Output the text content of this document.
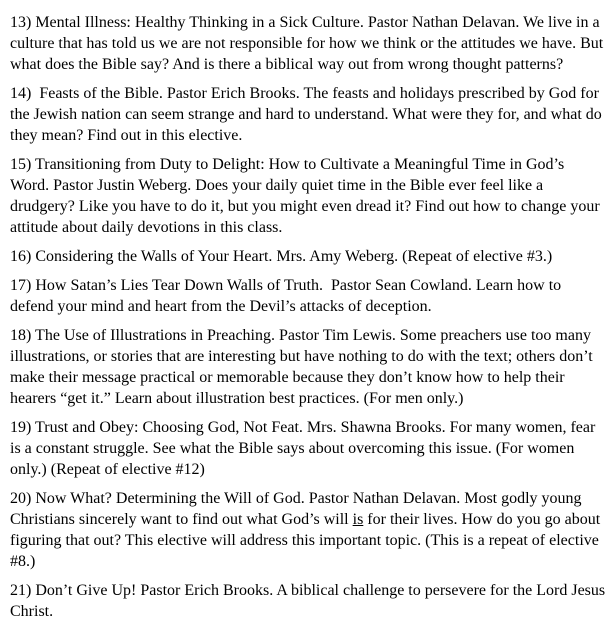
13) Mental Illness: Healthy Thinking in a Sick Culture. Pastor Nathan Delavan. We live in a culture that has told us we are not responsible for how we think or the attitudes we have. But what does the Bible say? And is there a biblical way out from wrong thought patterns?

14)  Feasts of the Bible. Pastor Erich Brooks. The feasts and holidays prescribed by God for the Jewish nation can seem strange and hard to understand. What were they for, and what do they mean? Find out in this elective.

15) Transitioning from Duty to Delight: How to Cultivate a Meaningful Time in God’s Word. Pastor Justin Weberg. Does your daily quiet time in the Bible ever feel like a drudgery? Like you have to do it, but you might even dread it? Find out how to change your attitude about daily devotions in this class.

16) Considering the Walls of Your Heart. Mrs. Amy Weberg. (Repeat of elective #3.)

17) How Satan’s Lies Tear Down Walls of Truth.  Pastor Sean Cowland. Learn how to defend your mind and heart from the Devil’s attacks of deception.

18) The Use of Illustrations in Preaching. Pastor Tim Lewis. Some preachers use too many illustrations, or stories that are interesting but have nothing to do with the text; others don’t make their message practical or memorable because they don’t know how to help their hearers “get it.” Learn about illustration best practices. (For men only.)

19) Trust and Obey: Choosing God, Not Feat. Mrs. Shawna Brooks. For many women, fear is a constant struggle. See what the Bible says about overcoming this issue. (For women only.) (Repeat of elective #12)

20) Now What? Determining the Will of God. Pastor Nathan Delavan. Most godly young Christians sincerely want to find out what God’s will is for their lives. How do you go about figuring that out? This elective will address this important topic. (This is a repeat of elective #8.)

21) Don’t Give Up! Pastor Erich Brooks. A biblical challenge to persevere for the Lord Jesus Christ.
